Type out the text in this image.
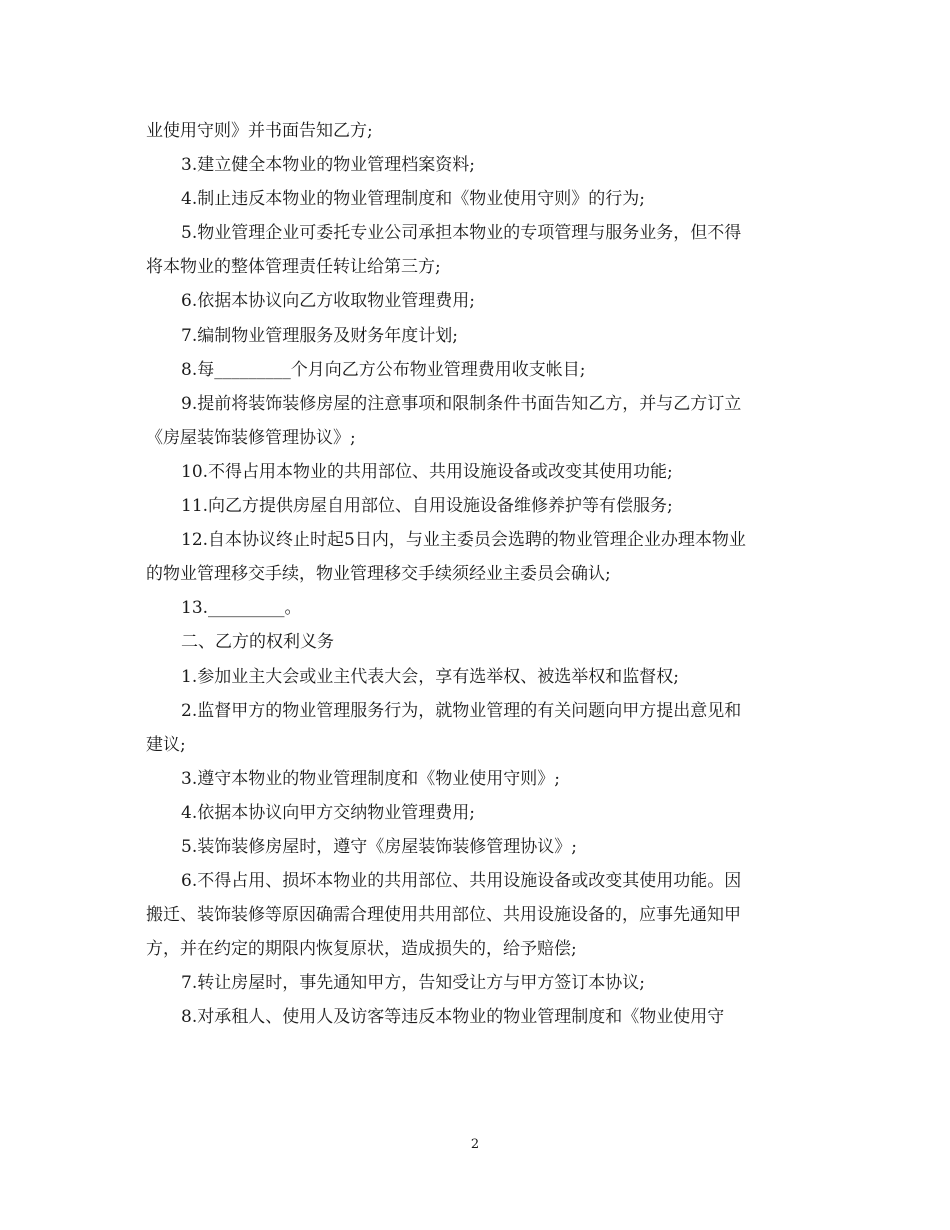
业使用守则》并书面告知乙方;
3.建立健全本物业的物业管理档案资料;
4.制止违反本物业的物业管理制度和《物业使用守则》的行为;
5.物业管理企业可委托专业公司承担本物业的专项管理与服务业务，但不得
将本物业的整体管理责任转让给第三方;
6.依据本协议向乙方收取物业管理费用;
7.编制物业管理服务及财务年度计划;
8.每_________个月向乙方公布物业管理费用收支帐目;
9.提前将装饰装修房屋的注意事项和限制条件书面告知乙方，并与乙方订立
《房屋装饰装修管理协议》;
10.不得占用本物业的共用部位、共用设施设备或改变其使用功能;
11.向乙方提供房屋自用部位、自用设施设备维修养护等有偿服务;
12.自本协议终止时起5日内，与业主委员会选聘的物业管理企业办理本物业
的物业管理移交手续，物业管理移交手续须经业主委员会确认;
13._________。
二、乙方的权利义务
1.参加业主大会或业主代表大会，享有选举权、被选举权和监督权;
2.监督甲方的物业管理服务行为，就物业管理的有关问题向甲方提出意见和
建议;
3.遵守本物业的物业管理制度和《物业使用守则》;
4.依据本协议向甲方交纳物业管理费用;
5.装饰装修房屋时，遵守《房屋装饰装修管理协议》;
6.不得占用、损坏本物业的共用部位、共用设施设备或改变其使用功能。因
搬迁、装饰装修等原因确需合理使用共用部位、共用设施设备的，应事先通知甲
方，并在约定的期限内恢复原状，造成损失的，给予赔偿;
7.转让房屋时，事先通知甲方，告知受让方与甲方签订本协议;
8.对承租人、使用人及访客等违反本物业的物业管理制度和《物业使用守
2
